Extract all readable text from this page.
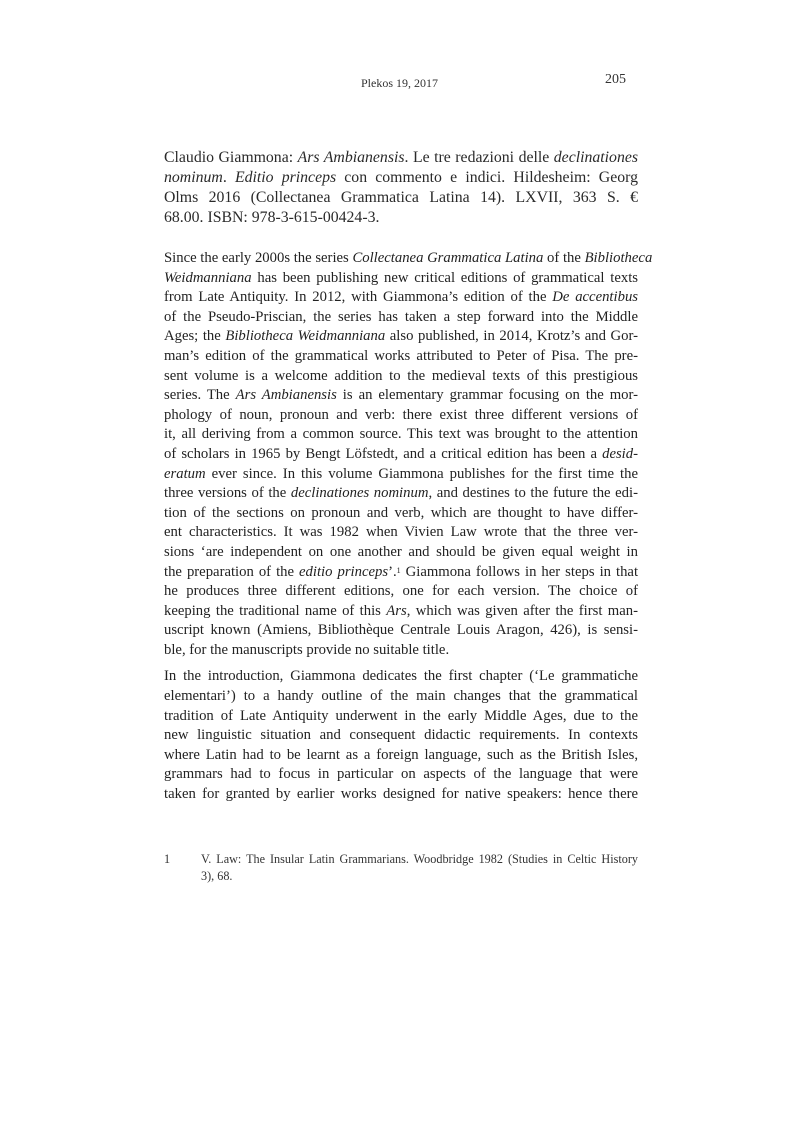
Plekos 19, 2017	205
Claudio Giammona: Ars Ambianensis. Le tre redazioni delle declinationes
nominum. Editio princeps con commento e indici. Hildesheim: Georg
Olms 2016 (Collectanea Grammatica Latina 14). LXVII, 363 S. €
68.00. ISBN: 978-3-615-00424-3.
Since the early 2000s the series Collectanea Grammatica Latina of the Bibliotheca
Weidmanniana has been publishing new critical editions of grammatical texts
from Late Antiquity. In 2012, with Giammona’s edition of the De accentibus
of the Pseudo-Priscian, the series has taken a step forward into the Middle
Ages; the Bibliotheca Weidmanniana also published, in 2014, Krotz’s and Gor-
man’s edition of the grammatical works attributed to Peter of Pisa. The pre-
sent volume is a welcome addition to the medieval texts of this prestigious
series. The Ars Ambianensis is an elementary grammar focusing on the mor-
phology of noun, pronoun and verb: there exist three different versions of
it, all deriving from a common source. This text was brought to the attention
of scholars in 1965 by Bengt Löfstedt, and a critical edition has been a desid-
eratum ever since. In this volume Giammona publishes for the first time the
three versions of the declinationes nominum, and destines to the future the edi-
tion of the sections on pronoun and verb, which are thought to have differ-
ent characteristics. It was 1982 when Vivien Law wrote that the three ver-
sions ‘are independent on one another and should be given equal weight in
the preparation of the editio princeps’.$^1$ Giammona follows in her steps in that
he produces three different editions, one for each version. The choice of
keeping the traditional name of this Ars, which was given after the first man-
uscript known (Amiens, Bibliothèque Centrale Louis Aragon, 426), is sensi-
ble, for the manuscripts provide no suitable title.
In the introduction, Giammona dedicates the first chapter (‘Le grammatiche
elementari’) to a handy outline of the main changes that the grammatical
tradition of Late Antiquity underwent in the early Middle Ages, due to the
new linguistic situation and consequent didactic requirements. In contexts
where Latin had to be learnt as a foreign language, such as the British Isles,
grammars had to focus in particular on aspects of the language that were
taken for granted by earlier works designed for native speakers: hence there
1	V. Law: The Insular Latin Grammarians. Woodbridge 1982 (Studies in Celtic History
3), 68.
